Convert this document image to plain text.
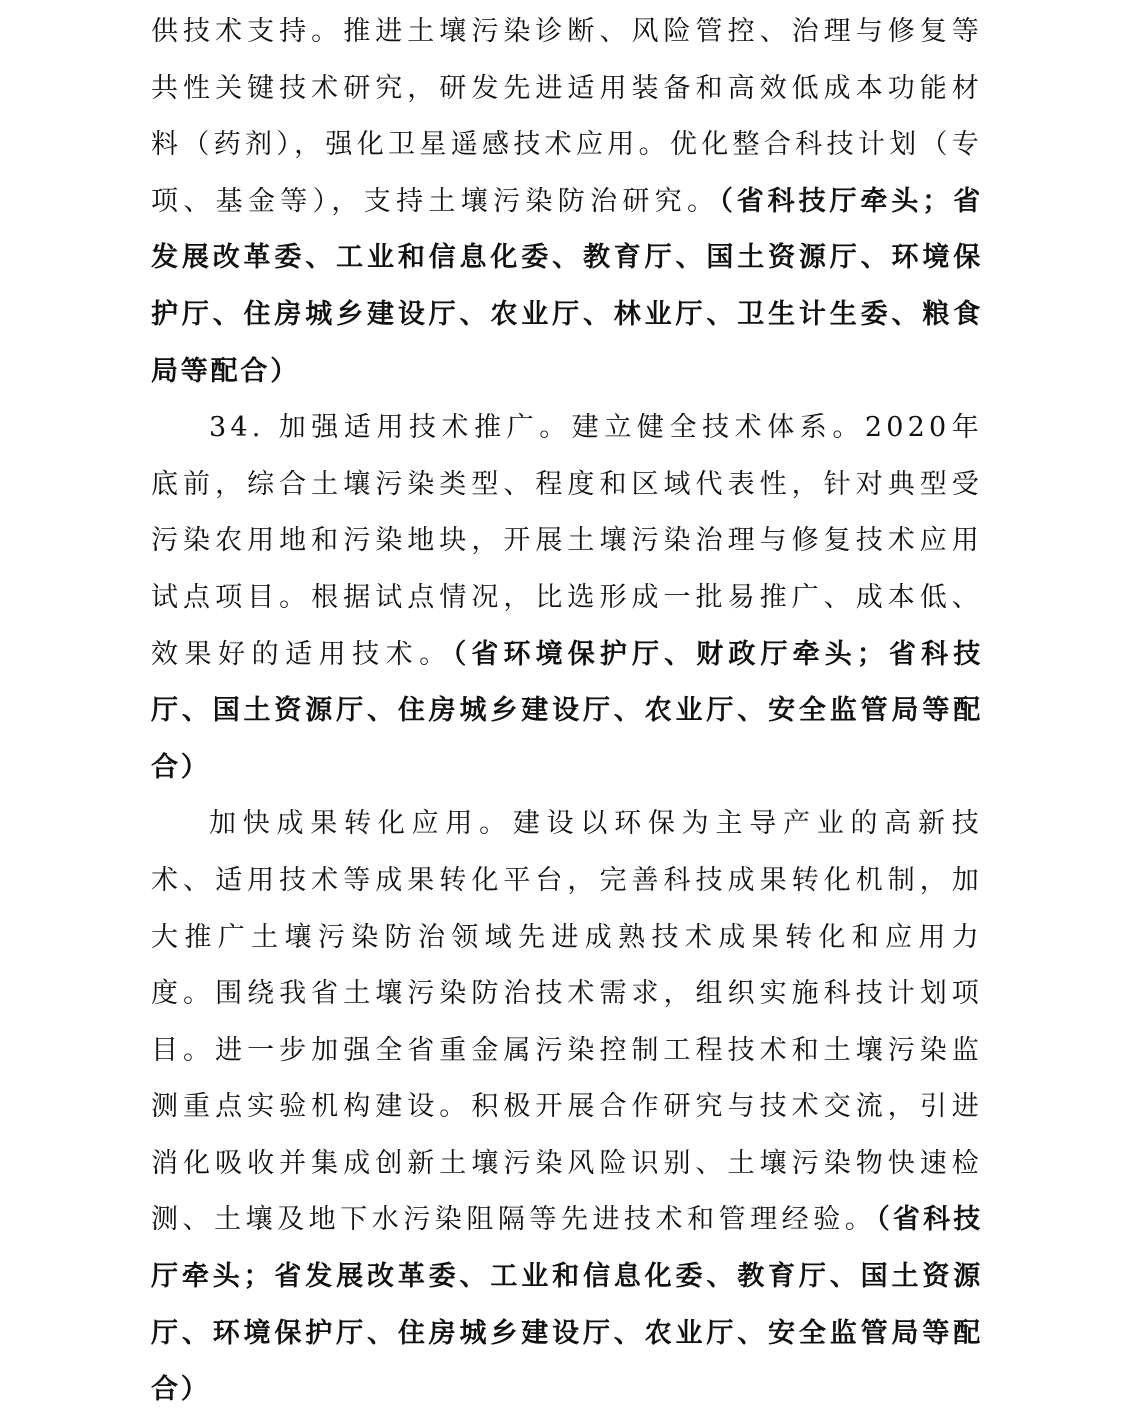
供技术支持。推进土壤污染诊断、风险管控、治理与修复等共性关键技术研究，研发先进适用装备和高效低成本功能材料（药剂），强化卫星遥感技术应用。优化整合科技计划（专项、基金等），支持土壤污染防治研究。（省科技厅牵头；省发展改革委、工业和信息化委、教育厅、国土资源厅、环境保护厅、住房城乡建设厅、农业厅、林业厅、卫生计生委、粮食局等配合）

34. 加强适用技术推广。建立健全技术体系。2020年底前，综合土壤污染类型、程度和区域代表性，针对典型受污染农用地和污染地块，开展土壤污染治理与修复技术应用试点项目。根据试点情况，比选形成一批易推广、成本低、效果好的适用技术。（省环境保护厅、财政厅牵头；省科技厅、国土资源厅、住房城乡建设厅、农业厅、安全监管局等配合）

加快成果转化应用。建设以环保为主导产业的高新技术、适用技术等成果转化平台，完善科技成果转化机制，加大推广土壤污染防治领域先进成熟技术成果转化和应用力度。围绕我省土壤污染防治技术需求，组织实施科技计划项目。进一步加强全省重金属污染控制工程技术和土壤污染监测重点实验机构建设。积极开展合作研究与技术交流，引进消化吸收并集成创新土壤污染风险识别、土壤污染物快速检测、土壤及地下水污染阻隔等先进技术和管理经验。（省科技厅牵头；省发展改革委、工业和信息化委、教育厅、国土资源厅、环境保护厅、住房城乡建设厅、农业厅、安全监管局等配合）
